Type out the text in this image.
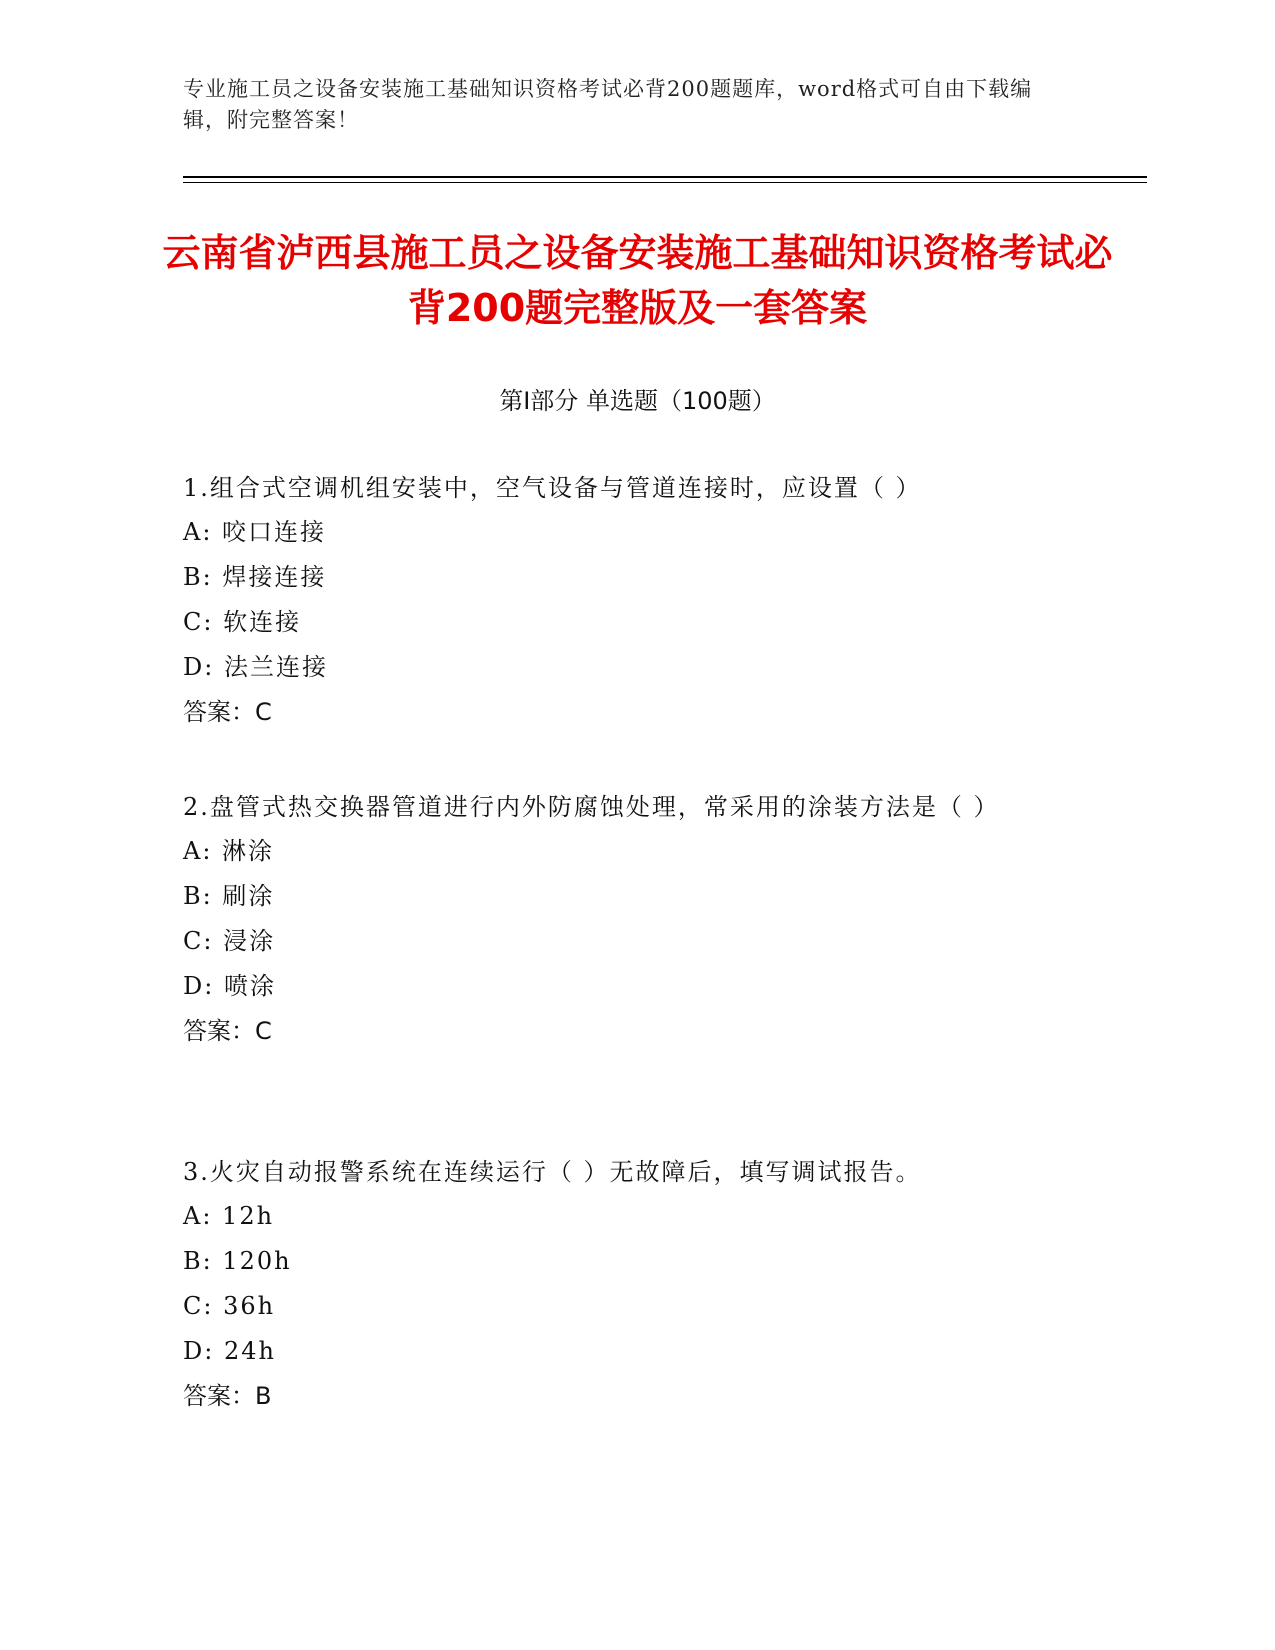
专业施工员之设备安装施工基础知识资格考试必背200题题库，word格式可自由下载编辑，附完整答案！
云南省泸西县施工员之设备安装施工基础知识资格考试必背200题完整版及一套答案
第I部分 单选题（100题）

1.组合式空调机组安装中，空气设备与管道连接时，应设置（ ）

A: 咬口连接

B: 焊接连接

C: 软连接

D: 法兰连接

答案：C

2.盘管式热交换器管道进行内外防腐蚀处理，常采用的涂装方法是（ ）

A: 淋涂

B: 刷涂

C: 浸涂

D: 喷涂

答案：C

3.火灾自动报警系统在连续运行（ ）无故障后，填写调试报告。

A: 12h

B: 120h

C: 36h

D: 24h

答案：B
